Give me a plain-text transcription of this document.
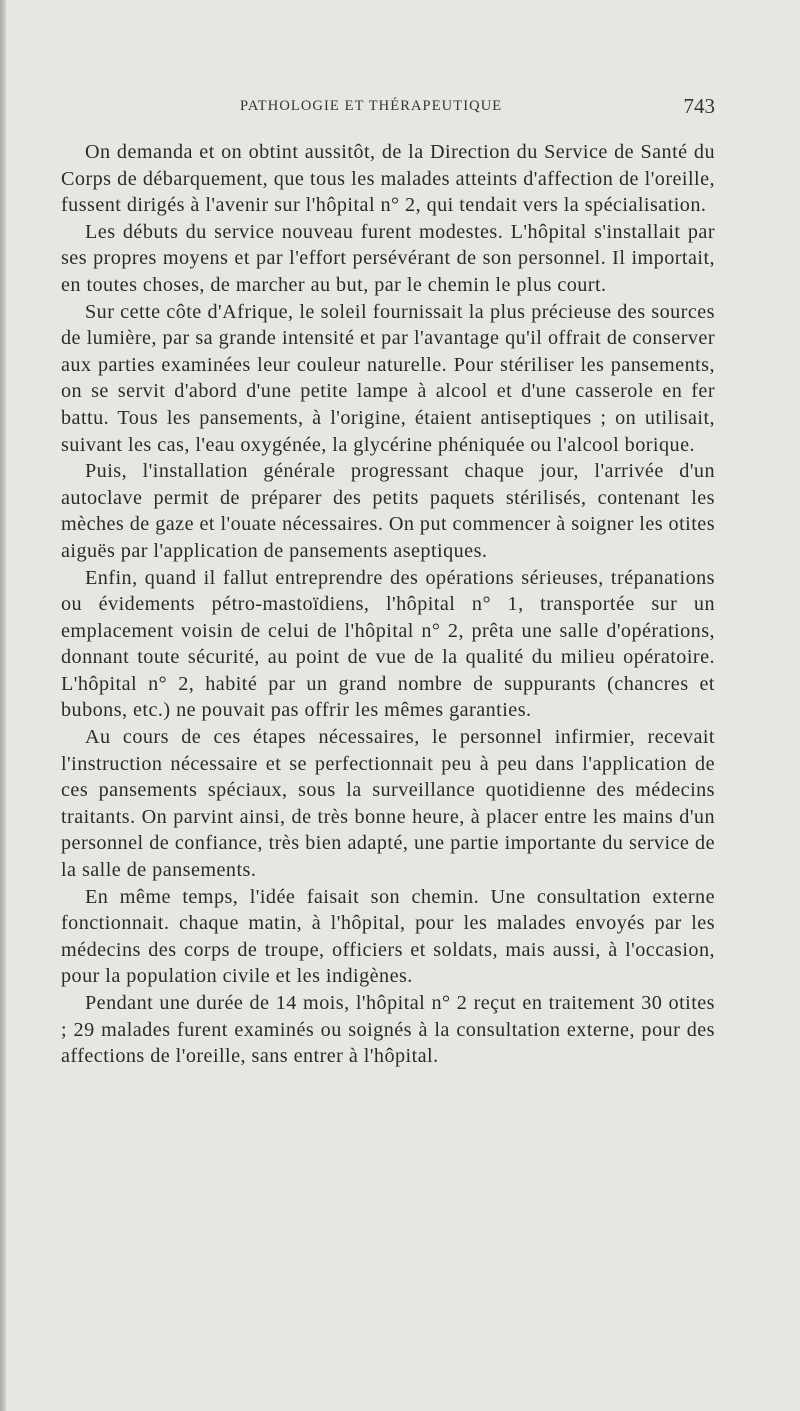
PATHOLOGIE ET THÉRAPEUTIQUE	743

On demanda et on obtint aussitôt, de la Direction du Service de Santé du Corps de débarquement, que tous les malades atteints d'affection de l'oreille, fussent dirigés à l'avenir sur l'hôpital n° 2, qui tendait vers la spécialisation.

Les débuts du service nouveau furent modestes. L'hôpital s'installait par ses propres moyens et par l'effort persévérant de son personnel. Il importait, en toutes choses, de marcher au but, par le chemin le plus court.

Sur cette côte d'Afrique, le soleil fournissait la plus précieuse des sources de lumière, par sa grande intensité et par l'avantage qu'il offrait de conserver aux parties examinées leur couleur naturelle. Pour stériliser les pansements, on se servit d'abord d'une petite lampe à alcool et d'une casserole en fer battu. Tous les pansements, à l'origine, étaient antiseptiques ; on utilisait, suivant les cas, l'eau oxygénée, la glycérine phéniquée ou l'alcool borique.

Puis, l'installation générale progressant chaque jour, l'arrivée d'un autoclave permit de préparer des petits paquets stérilisés, contenant les mèches de gaze et l'ouate nécessaires. On put commencer à soigner les otites aiguës par l'application de pansements aseptiques.

Enfin, quand il fallut entreprendre des opérations sérieuses, trépanations ou évidements pétro-mastoïdiens, l'hôpital n° 1, transportée sur un emplacement voisin de celui de l'hôpital n° 2, prêta une salle d'opérations, donnant toute sécurité, au point de vue de la qualité du milieu opératoire. L'hôpital n° 2, habité par un grand nombre de suppurants (chancres et bubons, etc.) ne pouvait pas offrir les mêmes garanties.

Au cours de ces étapes nécessaires, le personnel infirmier, recevait l'instruction nécessaire et se perfectionnait peu à peu dans l'application de ces pansements spéciaux, sous la surveillance quotidienne des médecins traitants. On parvint ainsi, de très bonne heure, à placer entre les mains d'un personnel de confiance, très bien adapté, une partie importante du service de la salle de pansements.

En même temps, l'idée faisait son chemin. Une consultation externe fonctionnait. chaque matin, à l'hôpital, pour les malades envoyés par les médecins des corps de troupe, officiers et soldats, mais aussi, à l'occasion, pour la population civile et les indigènes.

Pendant une durée de 14 mois, l'hôpital n° 2 reçut en traitement 30 otites ; 29 malades furent examinés ou soignés à la consultation externe, pour des affections de l'oreille, sans entrer à l'hôpital.
